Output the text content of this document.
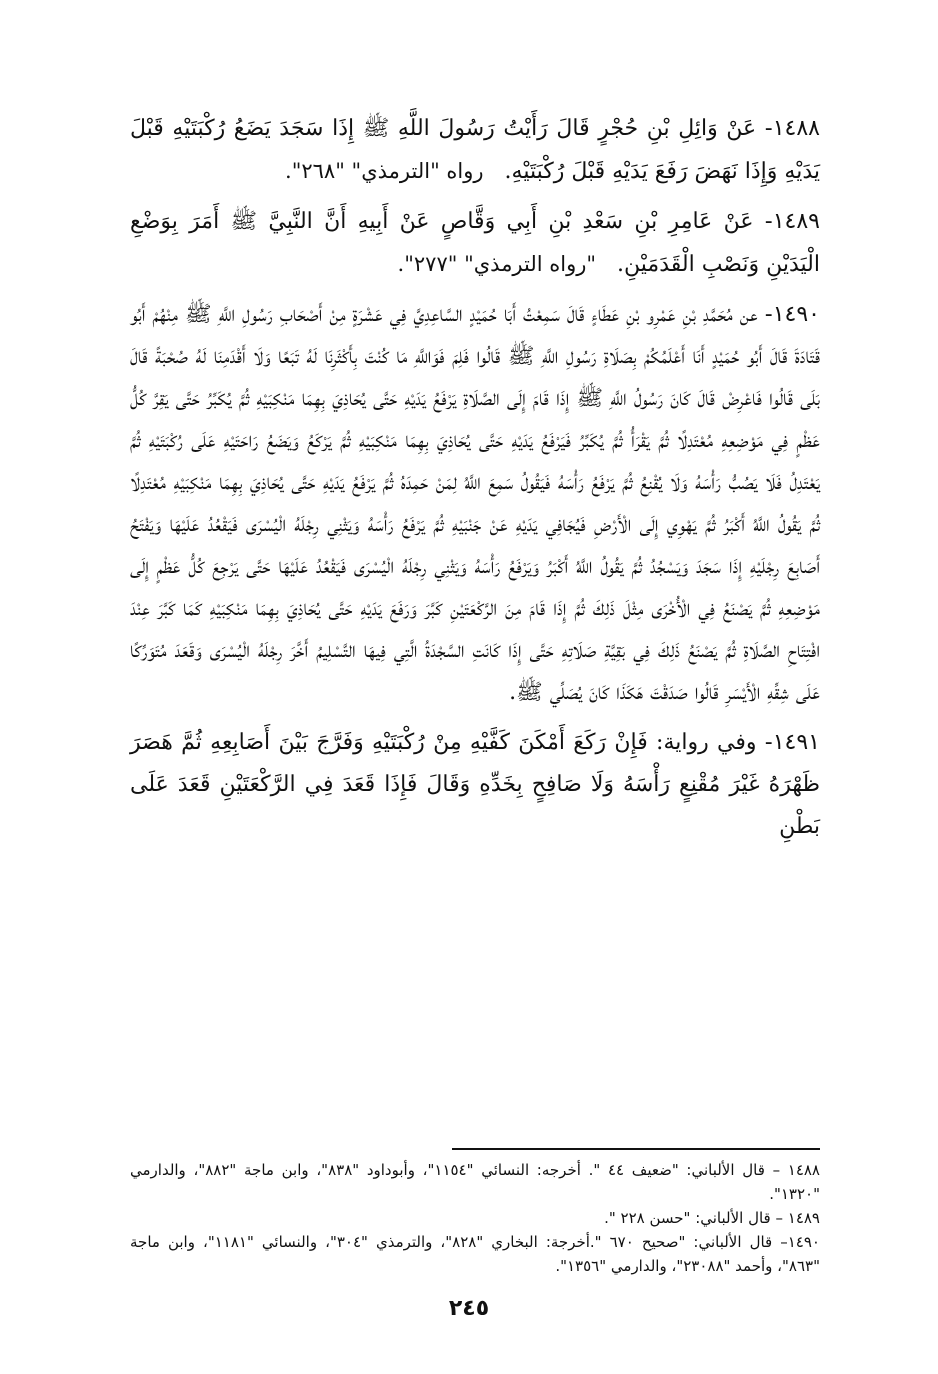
١٤٨٨- عَنْ وَائِلِ بْنِ حُجْرٍ قَالَ رَأَيْتُ رَسُولَ اللَّهِ ﷺ إِذَا سَجَدَ يَضَعُ رُكْبَتَيْهِ قَبْلَ يَدَيْهِ وَإِذَا نَهَضَ رَفَعَ يَدَيْهِ قَبْلَ رُكْبَتَيْهِ. رواه "الترمذي" "٢٦٨".

١٤٨٩- عَنْ عَامِرِ بْنِ سَعْدِ بْنِ أَبِي وَقَّاصٍ عَنْ أَبِيهِ أَنَّ النَّبِيَّ ﷺ أَمَرَ بِوَضْعِ الْيَدَيْنِ وَنَصْبِ الْقَدَمَيْنِ. "رواه الترمذي" "٢٧٧".

١٤٩٠- عن مُحَمَّدِ بْنِ عَمْرِو بْنِ عَطَاءٍ قَالَ سَمِعْتُ أَبَا حُمَيْدٍ السَّاعِدِيَّ فِي عَشْرَةٍ مِنْ أَصْحَابِ رَسُولِ اللَّهِ ﷺ مِنْهُمْ أَبُو قَتَادَةَ قَالَ أَبُو حُمَيْدٍ أَنَا أَعْلَمُكُمْ بِصَلَاةِ رَسُولِ اللَّهِ ﷺ قَالُوا فَلِمَ فَوَاللَّهِ مَا كُنْتَ بِأَكْثَرِنَا لَهُ تَبَعًا وَلَا أَقْدَمِنَا لَهُ صُحْبَةً قَالَ بَلَى قَالُوا فَاعْرِضْ قَالَ كَانَ رَسُولُ اللَّهِ ﷺ إِذَا قَامَ إِلَى الصَّلَاةِ يَرْفَعُ يَدَيْهِ حَتَّى يُحَاذِيَ بِهِمَا مَنْكِبَيْهِ ثُمَّ يُكَبِّرُ حَتَّى يَقِرَّ كُلُّ عَظْمٍ فِي مَوْضِعِهِ مُعْتَدِلًا ثُمَّ يَقْرَأُ ثُمَّ يُكَبِّرُ فَيَرْفَعُ يَدَيْهِ حَتَّى يُحَاذِيَ بِهِمَا مَنْكِبَيْهِ ثُمَّ يَرْكَعُ وَيَضَعُ رَاحَتَيْهِ عَلَى رُكْبَتَيْهِ ثُمَّ يَعْتَدِلُ فَلَا يَصُبُّ رَأْسَهُ وَلَا يُقْنِعُ ثُمَّ يَرْفَعُ رَأْسَهُ فَيَقُولُ سَمِعَ اللَّهُ لِمَنْ حَمِدَهُ ثُمَّ يَرْفَعُ يَدَيْهِ حَتَّى يُحَاذِيَ بِهِمَا مَنْكِبَيْهِ مُعْتَدِلًا ثُمَّ يَقُولُ اللَّهُ أَكْبَرُ ثُمَّ يَهْوِي إِلَى الْأَرْضِ فَيُجَافِي يَدَيْهِ عَنْ جَنْبَيْهِ ثُمَّ يَرْفَعُ رَأْسَهُ وَيَثْنِي رِجْلَهُ الْيُسْرَى فَيَقْعُدُ عَلَيْهَا وَيَفْتَحُ أَصَابِعَ رِجْلَيْهِ إِذَا سَجَدَ وَيَسْجُدُ ثُمَّ يَقُولُ اللَّهُ أَكْبَرُ وَيَرْفَعُ رَأْسَهُ وَيَثْنِي رِجْلَهُ الْيُسْرَى فَيَقْعُدُ عَلَيْهَا حَتَّى يَرْجِعَ كُلُّ عَظْمٍ إِلَى مَوْضِعِهِ ثُمَّ يَصْنَعُ فِي الْأُخْرَى مِثْلَ ذَلِكَ ثُمَّ إِذَا قَامَ مِنَ الرَّكْعَتَيْنِ كَبَّرَ وَرَفَعَ يَدَيْهِ حَتَّى يُحَاذِيَ بِهِمَا مَنْكِبَيْهِ كَمَا كَبَّرَ عِنْدَ افْتِتَاحِ الصَّلَاةِ ثُمَّ يَصْنَعُ ذَلِكَ فِي بَقِيَّةِ صَلَاتِهِ حَتَّى إِذَا كَانَتِ السَّجْدَةُ الَّتِي فِيهَا التَّسْلِيمُ أَخَّرَ رِجْلَهُ الْيُسْرَى وَقَعَدَ مُتَوَرِّكًا عَلَى شِقِّهِ الْأَيْسَرِ قَالُوا صَدَقْتَ هَكَذَا كَانَ يُصَلِّي ﷺ.

١٤٩١- وفي رواية: فَإِنْ رَكَعَ أَمْكَنَ كَفَّيْهِ مِنْ رُكْبَتَيْهِ وَفَرَّجَ بَيْنَ أَصَابِعِهِ ثُمَّ هَصَرَ ظَهْرَهُ غَيْرَ مُقْنِعٍ رَأْسَهُ وَلَا صَافِحٍ بِخَدِّهِ وَقَالَ فَإِذَا قَعَدَ فِي الرَّكْعَتَيْنِ قَعَدَ عَلَى بَطْنِ

١٤٨٨ – قال الألباني: "ضعيف ٤٤ ". أخرجه: النسائي "١١٥٤"، وأبوداود "٨٣٨"، وابن ماجة "٨٨٢"، والدارمي "١٣٢٠".

١٤٨٩ – قال الألباني: "حسن ٢٢٨ ".

١٤٩٠– قال الألباني: "صحيح ٦٧٠ ".أخرجة: البخاري "٨٢٨"، والترمذي "٣٠٤"، والنسائي "١١٨١"، وابن ماجة "٨٦٣"، وأحمد "٢٣٠٨٨"، والدارمي "١٣٥٦".

٢٤٥
